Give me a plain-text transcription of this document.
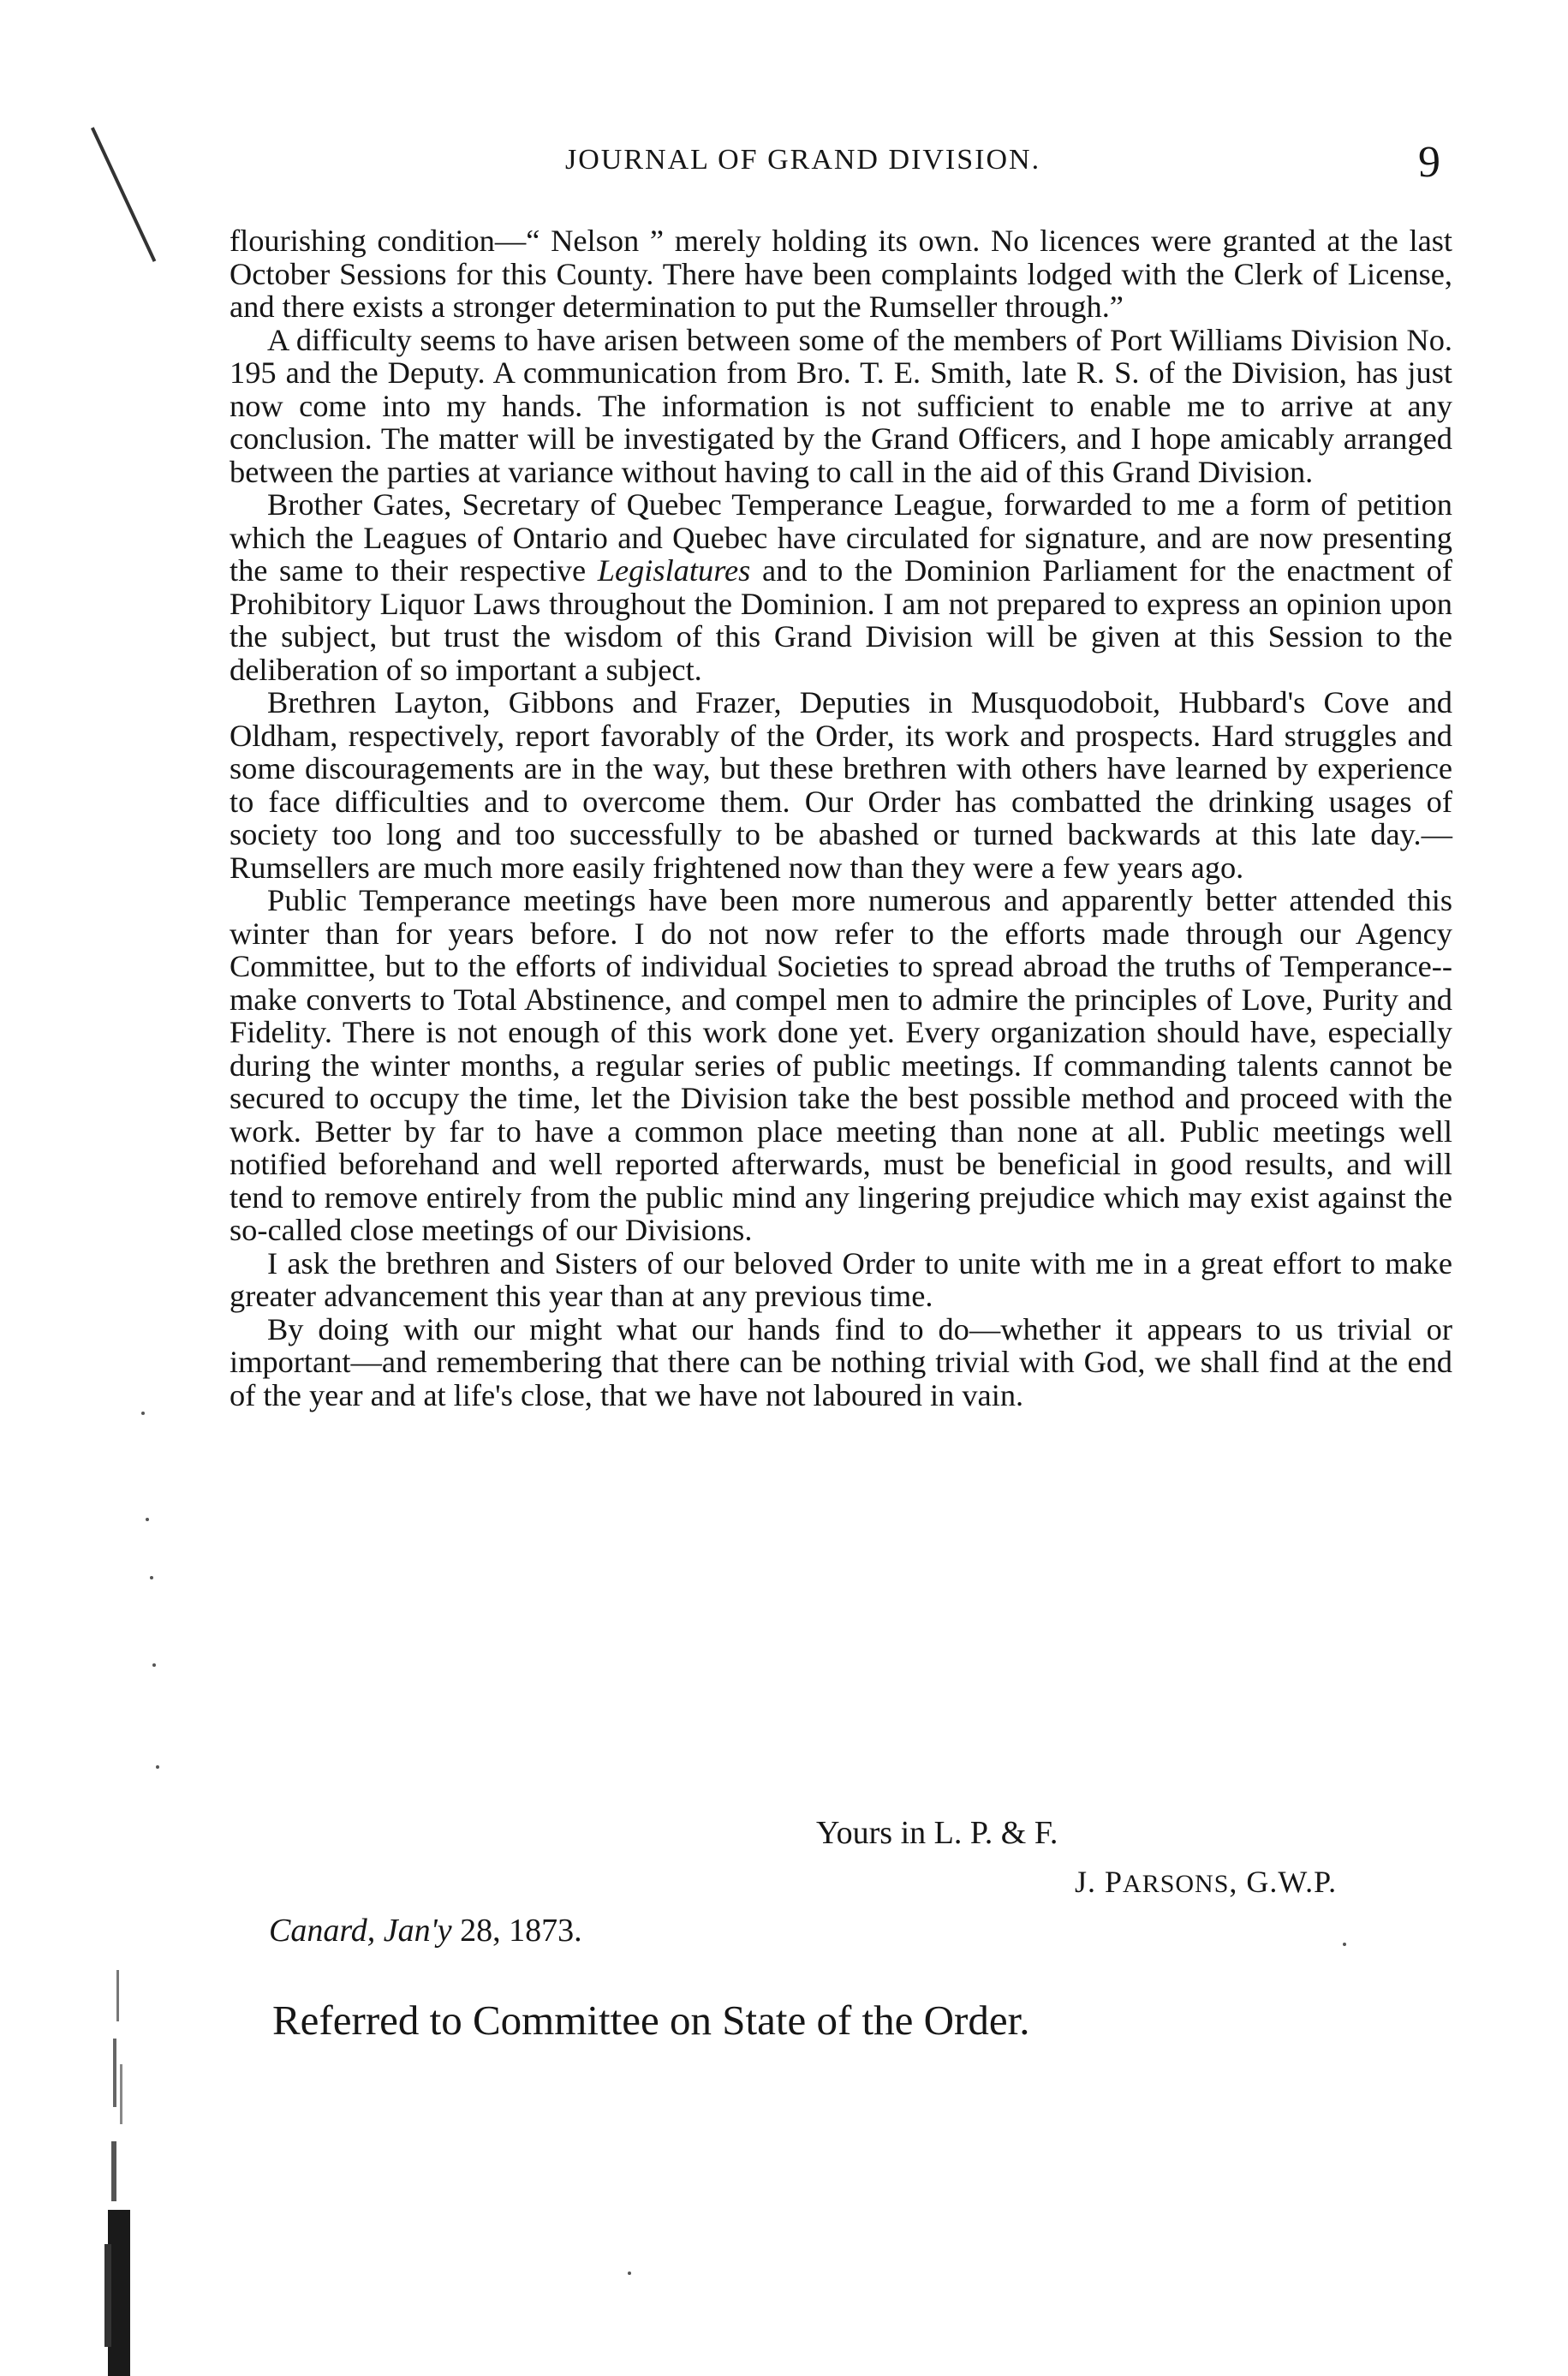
JOURNAL OF GRAND DIVISION.	9

flourishing condition—“ Nelson ” merely holding its own. No licences were granted at the last October Sessions for this County. There have been complaints lodged with the Clerk of License, and there exists a stronger determination to put the Rumseller through.”

A difficulty seems to have arisen between some of the members of Port Williams Division No. 195 and the Deputy. A communication from Bro. T. E. Smith, late R. S. of the Division, has just now come into my hands. The information is not sufficient to enable me to arrive at any conclusion. The matter will be investigated by the Grand Officers, and I hope amicably arranged between the parties at variance without having to call in the aid of this Grand Division.

Brother Gates, Secretary of Quebec Temperance League, forwarded to me a form of petition which the Leagues of Ontario and Quebec have circulated for signature, and are now presenting the same to their respective Legislatures and to the Dominion Parliament for the enactment of Prohibitory Liquor Laws throughout the Dominion. I am not prepared to express an opinion upon the subject, but trust the wisdom of this Grand Division will be given at this Session to the deliberation of so important a subject.

Brethren Layton, Gibbons and Frazer, Deputies in Musquodoboit, Hubbard's Cove and Oldham, respectively, report favorably of the Order, its work and prospects. Hard struggles and some discouragements are in the way, but these brethren with others have learned by experience to face difficulties and to overcome them. Our Order has combatted the drinking usages of society too long and too successfully to be abashed or turned backwards at this late day.—Rumsellers are much more easily frightened now than they were a few years ago.

Public Temperance meetings have been more numerous and apparently better attended this winter than for years before. I do not now refer to the efforts made through our Agency Committee, but to the efforts of individual Societies to spread abroad the truths of Temperance--make converts to Total Abstinence, and compel men to admire the principles of Love, Purity and Fidelity. There is not enough of this work done yet. Every organization should have, especially during the winter months, a regular series of public meetings. If commanding talents cannot be secured to occupy the time, let the Division take the best possible method and proceed with the work. Better by far to have a common place meeting than none at all. Public meetings well notified beforehand and well reported afterwards, must be beneficial in good results, and will tend to remove entirely from the public mind any lingering prejudice which may exist against the so-called close meetings of our Divisions.

I ask the brethren and Sisters of our beloved Order to unite with me in a great effort to make greater advancement this year than at any previous time.

By doing with our might what our hands find to do—whether it appears to us trivial or important—and remembering that there can be nothing trivial with God, we shall find at the end of the year and at life's close, that we have not laboured in vain.

Yours in L. P. & F.
J. PARSONS, G.W.P.
Canard, Jan'y 28, 1873.
Referred to Committee on State of the Order.
